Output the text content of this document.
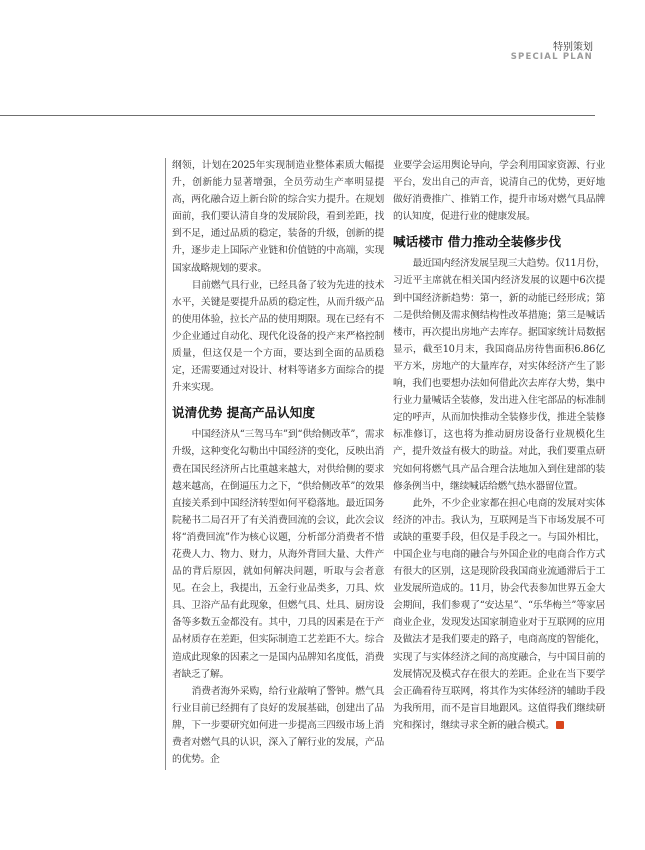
特别策划
SPECIAL PLAN

纲领，计划在2025年实现制造业整体素质大幅提升，创新能力显著增强，全员劳动生产率明显提高，两化融合迈上新台阶的综合实力提升。在规划面前，我们要认清自身的发展阶段，看到差距，找到不足，通过品质的稳定，装备的升级，创新的提升，逐步走上国际产业链和价值链的中高端，实现国家战略规划的要求。

目前燃气具行业，已经具备了较为先进的技术水平，关键是要提升品质的稳定性，从而升级产品的使用体验，拉长产品的使用期限。现在已经有不少企业通过自动化、现代化设备的投产来严格控制质量，但这仅是一个方面，要达到全面的品质稳定，还需要通过对设计、材料等诸多方面综合的提升来实现。

说清优势 提高产品认知度

中国经济从“三驾马车”到“供给侧改革”，需求升级，这种变化勾勒出中国经济的变化，反映出消费在国民经济所占比重越来越大，对供给侧的要求越来越高，在倒逼压力之下，“供给侧改革”的效果直接关系到中国经济转型如何平稳落地。最近国务院秘书二局召开了有关消费回流的会议，此次会议将“消费回流”作为核心议题，分析部分消费者不惜花费人力、物力、财力，从海外背回大量、大件产品的背后原因，就如何解决问题，听取与会者意见。在会上，我提出，五金行业品类多，刀具、炊具、卫浴产品有此现象，但燃气具、灶具、厨房设备等多数五金都没有。其中，刀具的因素是在于产品材质存在差距，但实际制造工艺差距不大。综合造成此现象的因素之一是国内品牌知名度低，消费者缺乏了解。

消费者海外采购，给行业敲响了警钟。燃气具行业目前已经拥有了良好的发展基础，创建出了品牌，下一步要研究如何进一步提高三四级市场上消费者对燃气具的认识，深入了解行业的发展，产品的优势。企

业要学会运用舆论导向，学会利用国家资源、行业平台，发出自己的声音，说清自己的优势，更好地做好消费推广、推销工作，提升市场对燃气具品牌的认知度，促进行业的健康发展。

喊话楼市 借力推动全装修步伐

最近国内经济发展呈现三大趋势。仅11月份，习近平主席就在相关国内经济发展的议题中6次提到中国经济新趋势：第一，新的动能已经形成；第二是供给侧及需求侧结构性改革措施；第三是喊话楼市，再次提出房地产去库存。据国家统计局数据显示，截至10月末，我国商品房待售面积6.86亿平方米，房地产的大量库存，对实体经济产生了影响，我们也要想办法如何借此次去库存大势，集中行业力量喊话全装修，发出进入住宅部品的标准制定的呼声，从而加快推动全装修步伐，推进全装修标准修订，这也将为推动厨房设备行业规模化生产，提升效益有极大的助益。对此，我们要重点研究如何将燃气具产品合理合法地加入到住建部的装修条例当中，继续喊话给燃气热水器留位置。

此外，不少企业家都在担心电商的发展对实体经济的冲击。我认为，互联网是当下市场发展不可或缺的重要手段，但仅是手段之一。与国外相比，中国企业与电商的融合与外国企业的电商合作方式有很大的区别，这是现阶段我国商业流通滞后于工业发展所造成的。11月，协会代表参加世界五金大会期间，我们参观了“安达星”、“乐华梅兰”等家居商业企业，发现发达国家制造业对于互联网的应用及做法才是我们要走的路子，电商高度的智能化，实现了与实体经济之间的高度融合，与中国目前的发展情况及模式存在很大的差距。企业在当下要学会正确看待互联网，将其作为实体经济的辅助手段为我所用，而不是盲目地跟风。这值得我们继续研究和探讨，继续寻求全新的融合模式。
